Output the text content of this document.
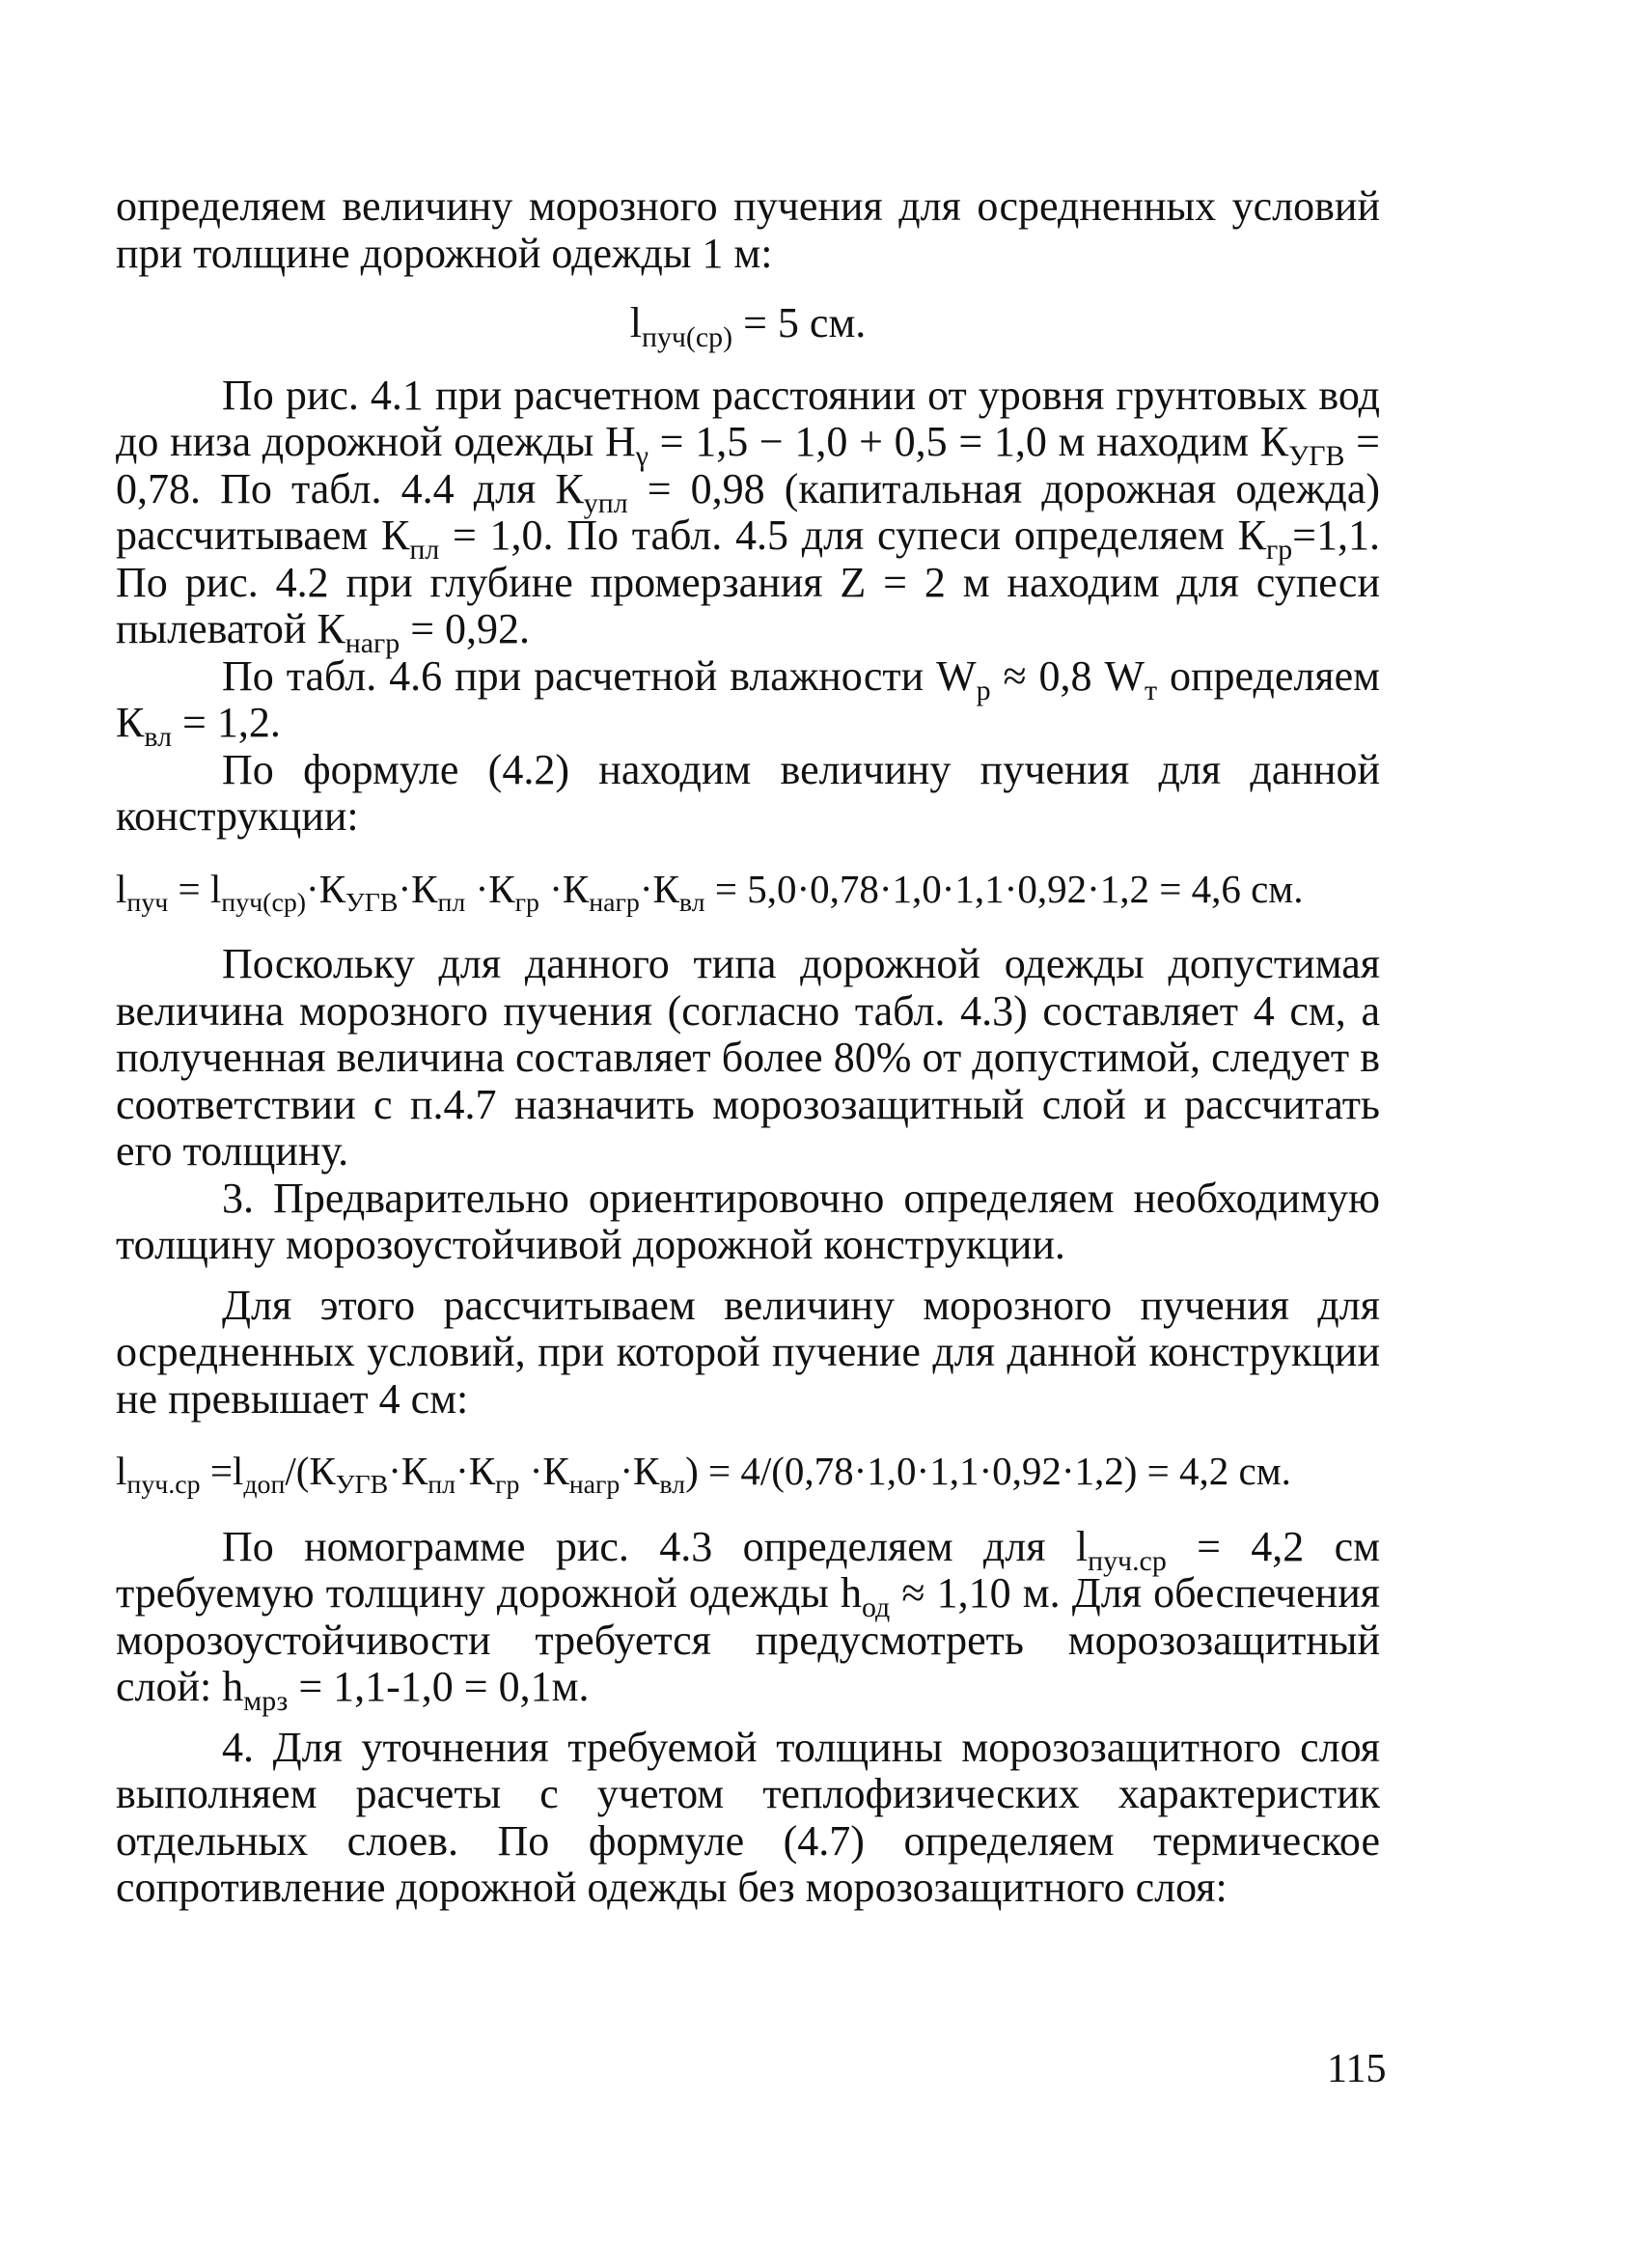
определяем величину морозного пучения для осредненных условий при толщине дорожной одежды 1 м:

$l_{пуч(ср)} = 5$ см.

По рис. 4.1 при расчетном расстоянии от уровня грунтовых вод до низа дорожной одежды $H_\gamma = 1,5 - 1,0 + 0,5 = 1,0$ м находим $К_{УГВ} = 0,78$. По табл. 4.4 для $К_{упл} = 0,98$ (капитальная дорожная одежда) рассчитываем $К_{пл} = 1,0$. По табл. 4.5 для супеси определяем $К_{гр}=1,1$. По рис. 4.2 при глубине промерзания Z = 2 м находим для супеси пылеватой $К_{нагр} = 0,92$.

По табл. 4.6 при расчетной влажности $W_р \approx 0,8$ $W_т$ определяем $К_{вл} = 1,2$.

По формуле (4.2) находим величину пучения для данной конструкции:

$l_{пуч} = l_{пуч(ср)}\cdot К_{УГВ}\cdot К_{пл} \cdot К_{гр} \cdot К_{нагр}\cdot К_{вл} = 5,0\cdot 0,78\cdot 1,0\cdot 1,1\cdot 0,92\cdot 1,2 = 4,6$ см.

Поскольку для данного типа дорожной одежды допустимая величина морозного пучения (согласно табл. 4.3) составляет 4 см, а полученная величина составляет более 80% от допустимой, следует в соответствии с п.4.7 назначить морозозащитный слой и рассчитать его толщину.

3. Предварительно ориентировочно определяем необходимую толщину морозоустойчивой дорожной конструкции.

Для этого рассчитываем величину морозного пучения для осредненных условий, при которой пучение для данной конструкции не превышает 4 см:

$l_{пуч.ср} =l_{доп}/(К_{УГВ}\cdot К_{пл}\cdot К_{гр} \cdot К_{нагр}\cdot К_{вл}) = 4/(0,78\cdot 1,0\cdot 1,1\cdot 0,92\cdot 1,2) = 4,2$ см.

По номограмме рис. 4.3 определяем для $l_{пуч.ср} = 4,2$ см требуемую толщину дорожной одежды $h_{од} \approx 1,10$ м. Для обеспечения морозоустойчивости требуется предусмотреть морозозащитный слой: $h_{мрз} = 1,1-1,0 = 0,1м$.

4. Для уточнения требуемой толщины морозозащитного слоя выполняем расчеты с учетом теплофизических характеристик отдельных слоев. По формуле (4.7) определяем термическое сопротивление дорожной одежды без морозозащитного слоя:

115
